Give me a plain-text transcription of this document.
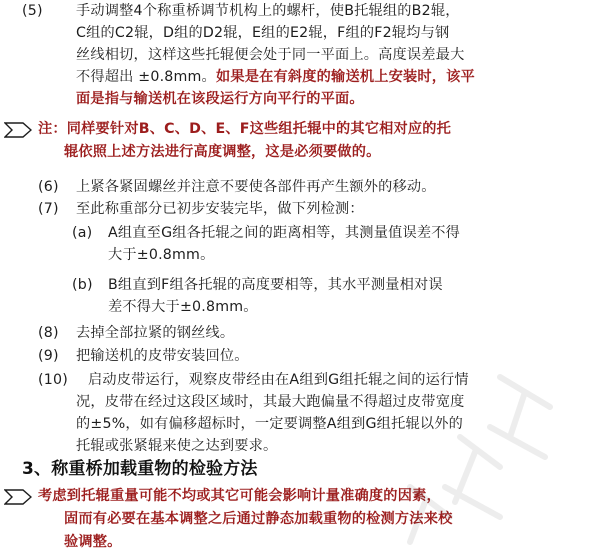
(5) 手动调整4个称重桥调节机构上的螺杆，使B托辊组的B2辊，
C组的C2辊，D组的D2辊，E组的E2辊，F组的F2辊均与钢
丝线相切，这样这些托辊便会处于同一平面上。高度误差最大
不得超出 ±0.8mm。如果是在有斜度的输送机上安装时，该平
面是指与输送机在该段运行方向平行的平面。
注：同样要针对B、C、D、E、F这些组托辊中的其它相对应的托
辊依照上述方法进行高度调整，这是必须要做的。
(6) 上紧各紧固螺丝并注意不要使各部件再产生额外的移动。
(7) 至此称重部分已初步安装完毕，做下列检测：
(a) A组直至G组各托辊之间的距离相等，其测量值误差不得
大于±0.8mm。
(b) B组直到F组各托辊的高度要相等，其水平测量相对误
差不得大于±0.8mm。
(8) 去掉全部拉紧的钢丝线。
(9) 把输送机的皮带安装回位。
(10) 启动皮带运行，观察皮带经由在A组到G组托辊之间的运行情
况，皮带在经过这段区域时，其最大跑偏量不得超过皮带宽度
的±5%，如有偏移超标时，一定要调整A组到G组托辊以外的
托辊或张紧辊来使之达到要求。
3、称重桥加载重物的检验方法
考虑到托辊重量可能不均或其它可能会影响计量准确度的因素，
固而有必要在基本调整之后通过静态加载重物的检测方法来校
验调整。
